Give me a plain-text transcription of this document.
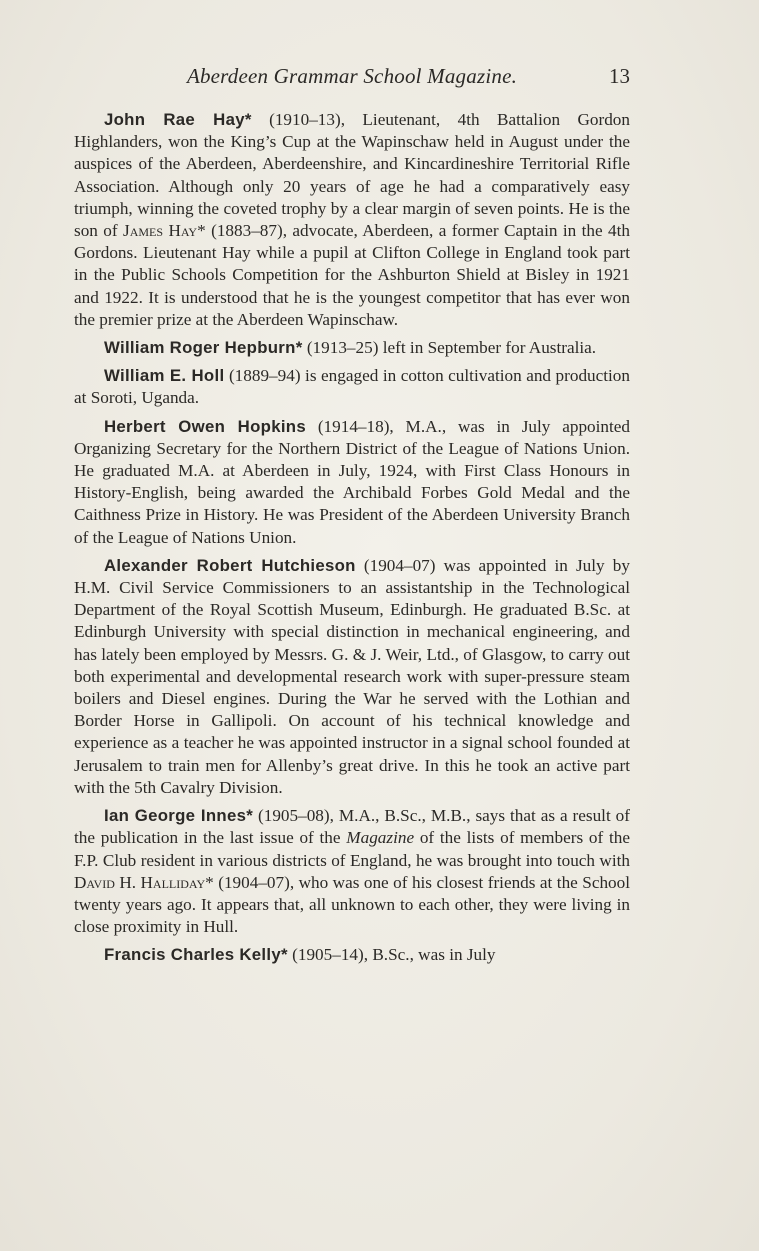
Aberdeen Grammar School Magazine.	13

John Rae Hay* (1910–13), Lieutenant, 4th Battalion Gordon Highlanders, won the King’s Cup at the Wapinschaw held in August under the auspices of the Aberdeen, Aberdeenshire, and Kincardineshire Territorial Rifle Association. Although only 20 years of age he had a comparatively easy triumph, winning the coveted trophy by a clear margin of seven points. He is the son of James Hay* (1883–87), advocate, Aberdeen, a former Captain in the 4th Gordons. Lieutenant Hay while a pupil at Clifton College in England took part in the Public Schools Competition for the Ashburton Shield at Bisley in 1921 and 1922. It is understood that he is the youngest competitor that has ever won the premier prize at the Aberdeen Wapinschaw.

William Roger Hepburn* (1913–25) left in September for Australia.

William E. Holl (1889–94) is engaged in cotton cultivation and production at Soroti, Uganda.

Herbert Owen Hopkins (1914–18), M.A., was in July appointed Organizing Secretary for the Northern District of the League of Nations Union. He graduated M.A. at Aberdeen in July, 1924, with First Class Honours in History-English, being awarded the Archibald Forbes Gold Medal and the Caithness Prize in History. He was President of the Aberdeen University Branch of the League of Nations Union.

Alexander Robert Hutchieson (1904–07) was appointed in July by H.M. Civil Service Commissioners to an assistantship in the Technological Department of the Royal Scottish Museum, Edinburgh. He graduated B.Sc. at Edinburgh University with special distinction in mechanical engineering, and has lately been employed by Messrs. G. & J. Weir, Ltd., of Glasgow, to carry out both experimental and developmental research work with super-pressure steam boilers and Diesel engines. During the War he served with the Lothian and Border Horse in Gallipoli. On account of his technical knowledge and experience as a teacher he was appointed instructor in a signal school founded at Jerusalem to train men for Allenby’s great drive. In this he took an active part with the 5th Cavalry Division.

Ian George Innes* (1905–08), M.A., B.Sc., M.B., says that as a result of the publication in the last issue of the Magazine of the lists of members of the F.P. Club resident in various districts of England, he was brought into touch with David H. Halliday* (1904–07), who was one of his closest friends at the School twenty years ago. It appears that, all unknown to each other, they were living in close proximity in Hull.

Francis Charles Kelly* (1905–14), B.Sc., was in July
